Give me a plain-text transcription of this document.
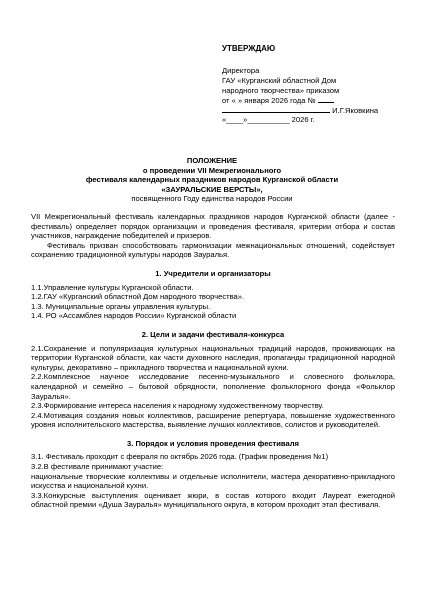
УТВЕРЖДАЮ
Директора
ГАУ «Курганский областной Дом
народного творчества» приказом
от « » января 2026 года №
И.Г.Яковкина
«____»__________ 2026 г.
ПОЛОЖЕНИЕ
о проведении VII Межрегионального
фестиваля календарных праздников народов Курганской области
«ЗАУРАЛЬСКИЕ ВЕРСТЫ»,
посвященного Году единства народов России
VII Межрегиональный фестиваль календарных праздников народов Курганской области (далее - фестиваль) определяет порядок организации и проведения фестиваля, критерии отбора и состав участников, награждение победителей и призеров.
Фестиваль призван способствовать гармонизации межнациональных отношений, содействует сохранению традиционной культуры народов Зауралья.
1. Учредители и организаторы
1.1.Управление культуры Курганской области.
1.2.ГАУ «Курганский областной Дом народного творчества».
1.3. Муниципальные органы управления культуры.
1.4. РО «Ассамблея народов России» Курганской области
2. Цели и задачи фестиваля-конкурса
2.1.Сохранение и популяризация культурных национальных традиций народов, проживающих на территории Курганской области, как части духовного наследия, пропаганды традиционной народной культуры, декоративно – прикладного творчества и национальной кухни.
2.2.Комплексное научное исследование песенно-музыкального и словесного фольклора, календарной и семейно – бытовой обрядности, пополнение фольклорного фонда «Фольклор Зауралья».
2.3.Формирование интереса населения к народному художественному творчеству.
2.4.Мотивация создания новых коллективов, расширение репертуара, повышение художественного уровня исполнительского мастерства, выявление лучших коллективов, солистов и руководителей.
3. Порядок и условия проведения фестиваля
3.1. Фестиваль проходит с февраля по октябрь 2026 года. (График проведения №1)
3.2.В фестивале принимают участие:
национальные творческие коллективы и отдельные исполнители, мастера декоративно-прикладного искусства и национальной кухни.
3.3.Конкурсные выступления оценивает жюри, в состав которого входит Лауреат ежегодной областной премии «Душа Зауралья» муниципального округа, в котором проходит этап фестиваля.
